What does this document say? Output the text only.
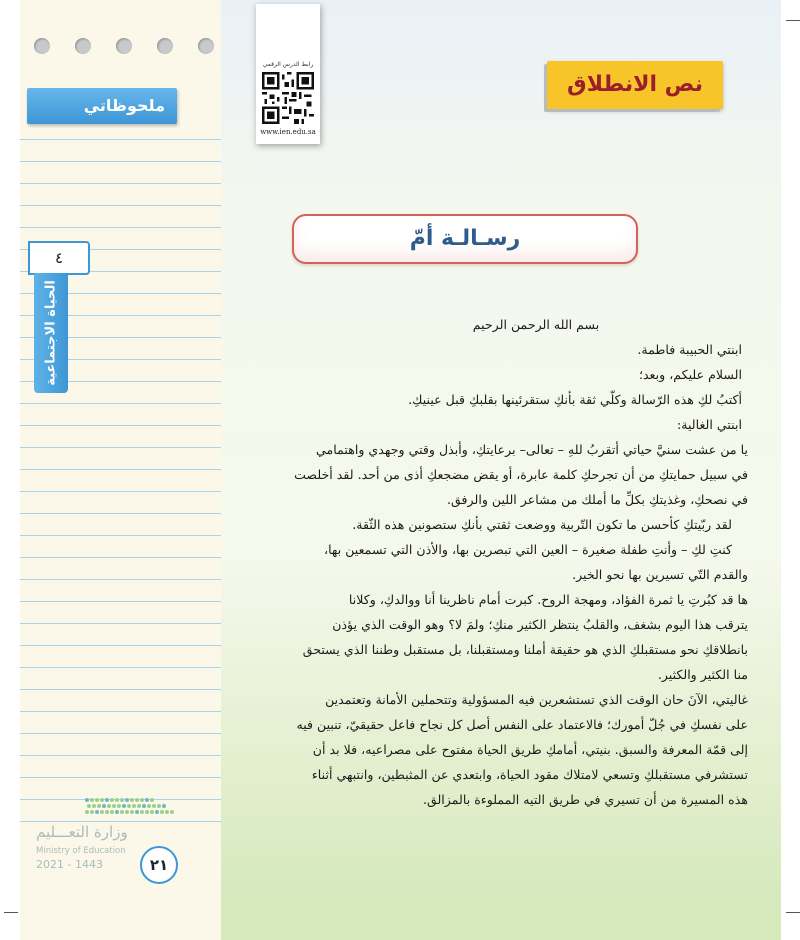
ملحوظاتي
٤
الحياة الاجتماعية
وزارة التعـــليم
Ministry of Education
2021 - 1443	٢١
رابط الدرس الرقمي
www.ien.edu.sa
نص الانطلاق
رسـالـة أمّ
بسم الله الرحمن الرحيم
ابنتي الحبيبة فاطمة.
السلام عليكم، وبعد؛
أكتبُ لكِ هذه الرّسالة وكلّي ثقة بأنكِ ستقرئينها بقلبكِ قبل عينيكِ.
ابنتي الغالية:
يا من عشت سنيَّ حياتي أتقربُ للهِ – تعالى– برعايتكِ، وأبذل وقتي وجهدي واهتمامي
في سبيل حمايتكِ من أن تجرحكِ كلمة عابرة، أو يقض مضجعكِ أذى من أحد. لقد أخلصت
في نصحكِ، وغذيتكِ بكلِّ ما أملك من مشاعر اللين والرفق.
لقد ربّيتكِ كأحسن ما تكون التّربية ووضعت ثقتي بأنكِ ستصونين هذه الثّقة.
كنتِ لكِ – وأنتِ طفلة صغيرة – العين التي تبصرين بها، والأذن التي تسمعين بها،
والقدم التّي تسيرين بها نحو الخير.
ها قد كبُرتِ يا ثمرة الفؤاد، ومهجة الروح. كبرت أمام ناظرينا أنا ووالدكِ، وكلانا
يترقب هذا اليوم بشغف، والقلبُ ينتظر الكثير منكِ؛ ولمَ لا؟ وهو الوقت الذي يؤذن
بانطلاقكِ نحو مستقبلكِ الذي هو حقيقة أملنا ومستقبلنا، بل مستقبل وطننا الذي يستحق
منا الكثير والكثير.
غاليتي، الآنَ حان الوقت الذي تستشعرين فيه المسؤولية وتتحملين الأمانة وتعتمدين
على نفسكِ في جُلّ أمورك؛ فالاعتماد على النفس أصل كل نجاح فاعل حقيقيّ، تنبين فيه
إلى قمّة المعرفة والسبق. بنيتي، أمامكِ طريق الحياة مفتوح على مصراعيه، فلا بد أن
تستشرفي مستقبلكِ وتسعي لامتلاك مقود الحياة، وابتعدي عن المثبطين، وانتبهي أثناء
هذه المسيرة من أن تسيري في طريق التيه المملوءة بالمزالق.
